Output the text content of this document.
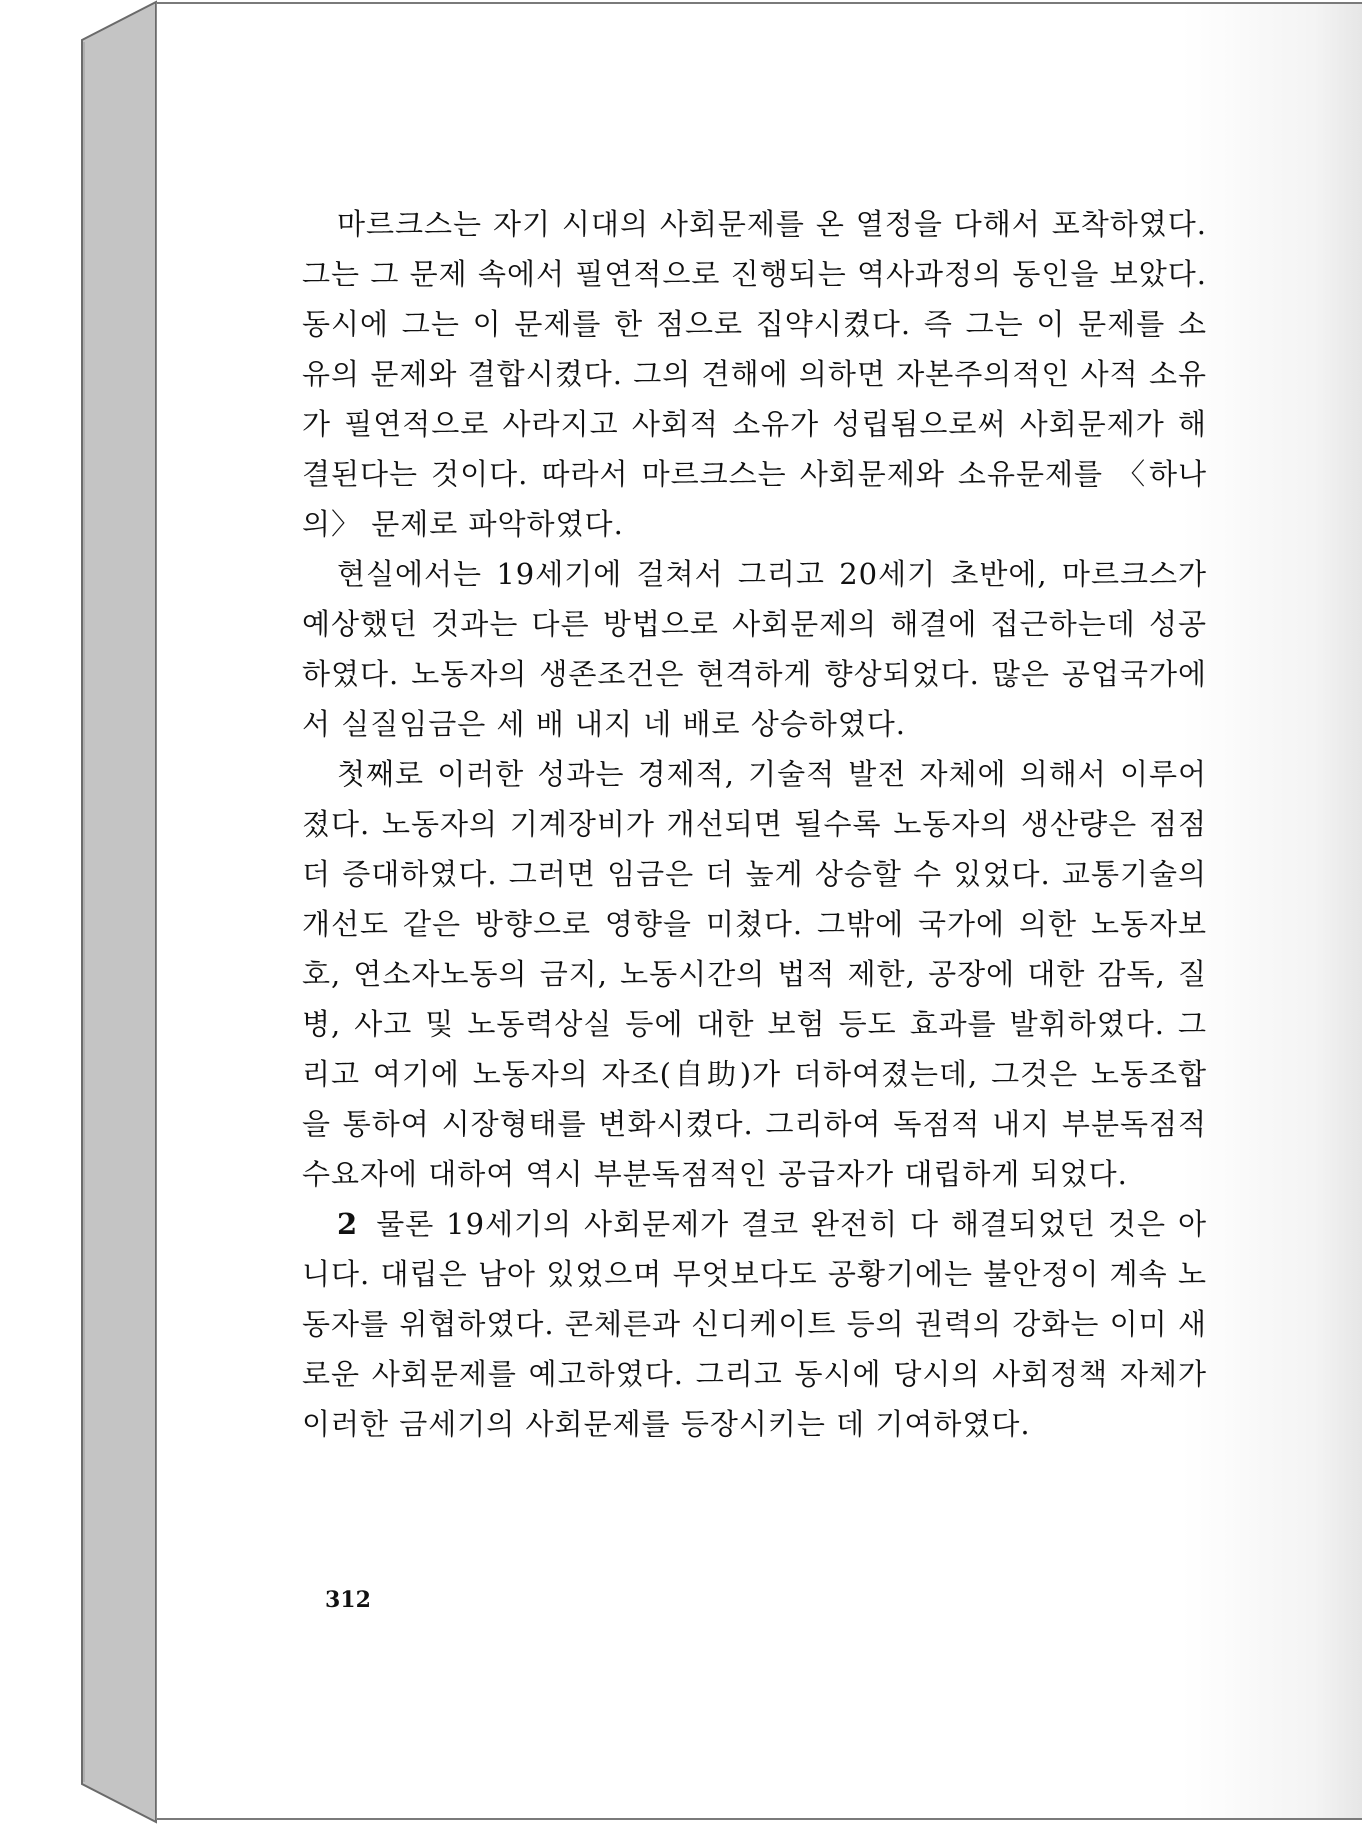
마르크스는 자기 시대의 사회문제를 온 열정을 다해서 포착하였다. 그는 그 문제 속에서 필연적으로 진행되는 역사과정의 동인을 보았다. 동시에 그는 이 문제를 한 점으로 집약시켰다. 즉 그는 이 문제를 소유의 문제와 결합시켰다. 그의 견해에 의하면 자본주의적인 사적 소유가 필연적으로 사라지고 사회적 소유가 성립됨으로써 사회문제가 해결된다는 것이다. 따라서 마르크스는 사회문제와 소유문제를 〈하나의〉 문제로 파악하였다.

현실에서는 19세기에 걸쳐서 그리고 20세기 초반에, 마르크스가 예상했던 것과는 다른 방법으로 사회문제의 해결에 접근하는데 성공하였다. 노동자의 생존조건은 현격하게 향상되었다. 많은 공업국가에서 실질임금은 세 배 내지 네 배로 상승하였다.

첫째로 이러한 성과는 경제적, 기술적 발전 자체에 의해서 이루어졌다. 노동자의 기계장비가 개선되면 될수록 노동자의 생산량은 점점 더 증대하였다. 그러면 임금은 더 높게 상승할 수 있었다. 교통기술의 개선도 같은 방향으로 영향을 미쳤다. 그밖에 국가에 의한 노동자보호, 연소자노동의 금지, 노동시간의 법적 제한, 공장에 대한 감독, 질병, 사고 및 노동력상실 등에 대한 보험 등도 효과를 발휘하였다. 그리고 여기에 노동자의 자조(自助)가 더하여졌는데, 그것은 노동조합을 통하여 시장형태를 변화시켰다. 그리하여 독점적 내지 부분독점적 수요자에 대하여 역시 부분독점적인 공급자가 대립하게 되었다.

2 물론 19세기의 사회문제가 결코 완전히 다 해결되었던 것은 아니다. 대립은 남아 있었으며 무엇보다도 공황기에는 불안정이 계속 노동자를 위협하였다. 콘체른과 신디케이트 등의 권력의 강화는 이미 새로운 사회문제를 예고하였다. 그리고 동시에 당시의 사회정책 자체가 이러한 금세기의 사회문제를 등장시키는 데 기여하였다.

312
